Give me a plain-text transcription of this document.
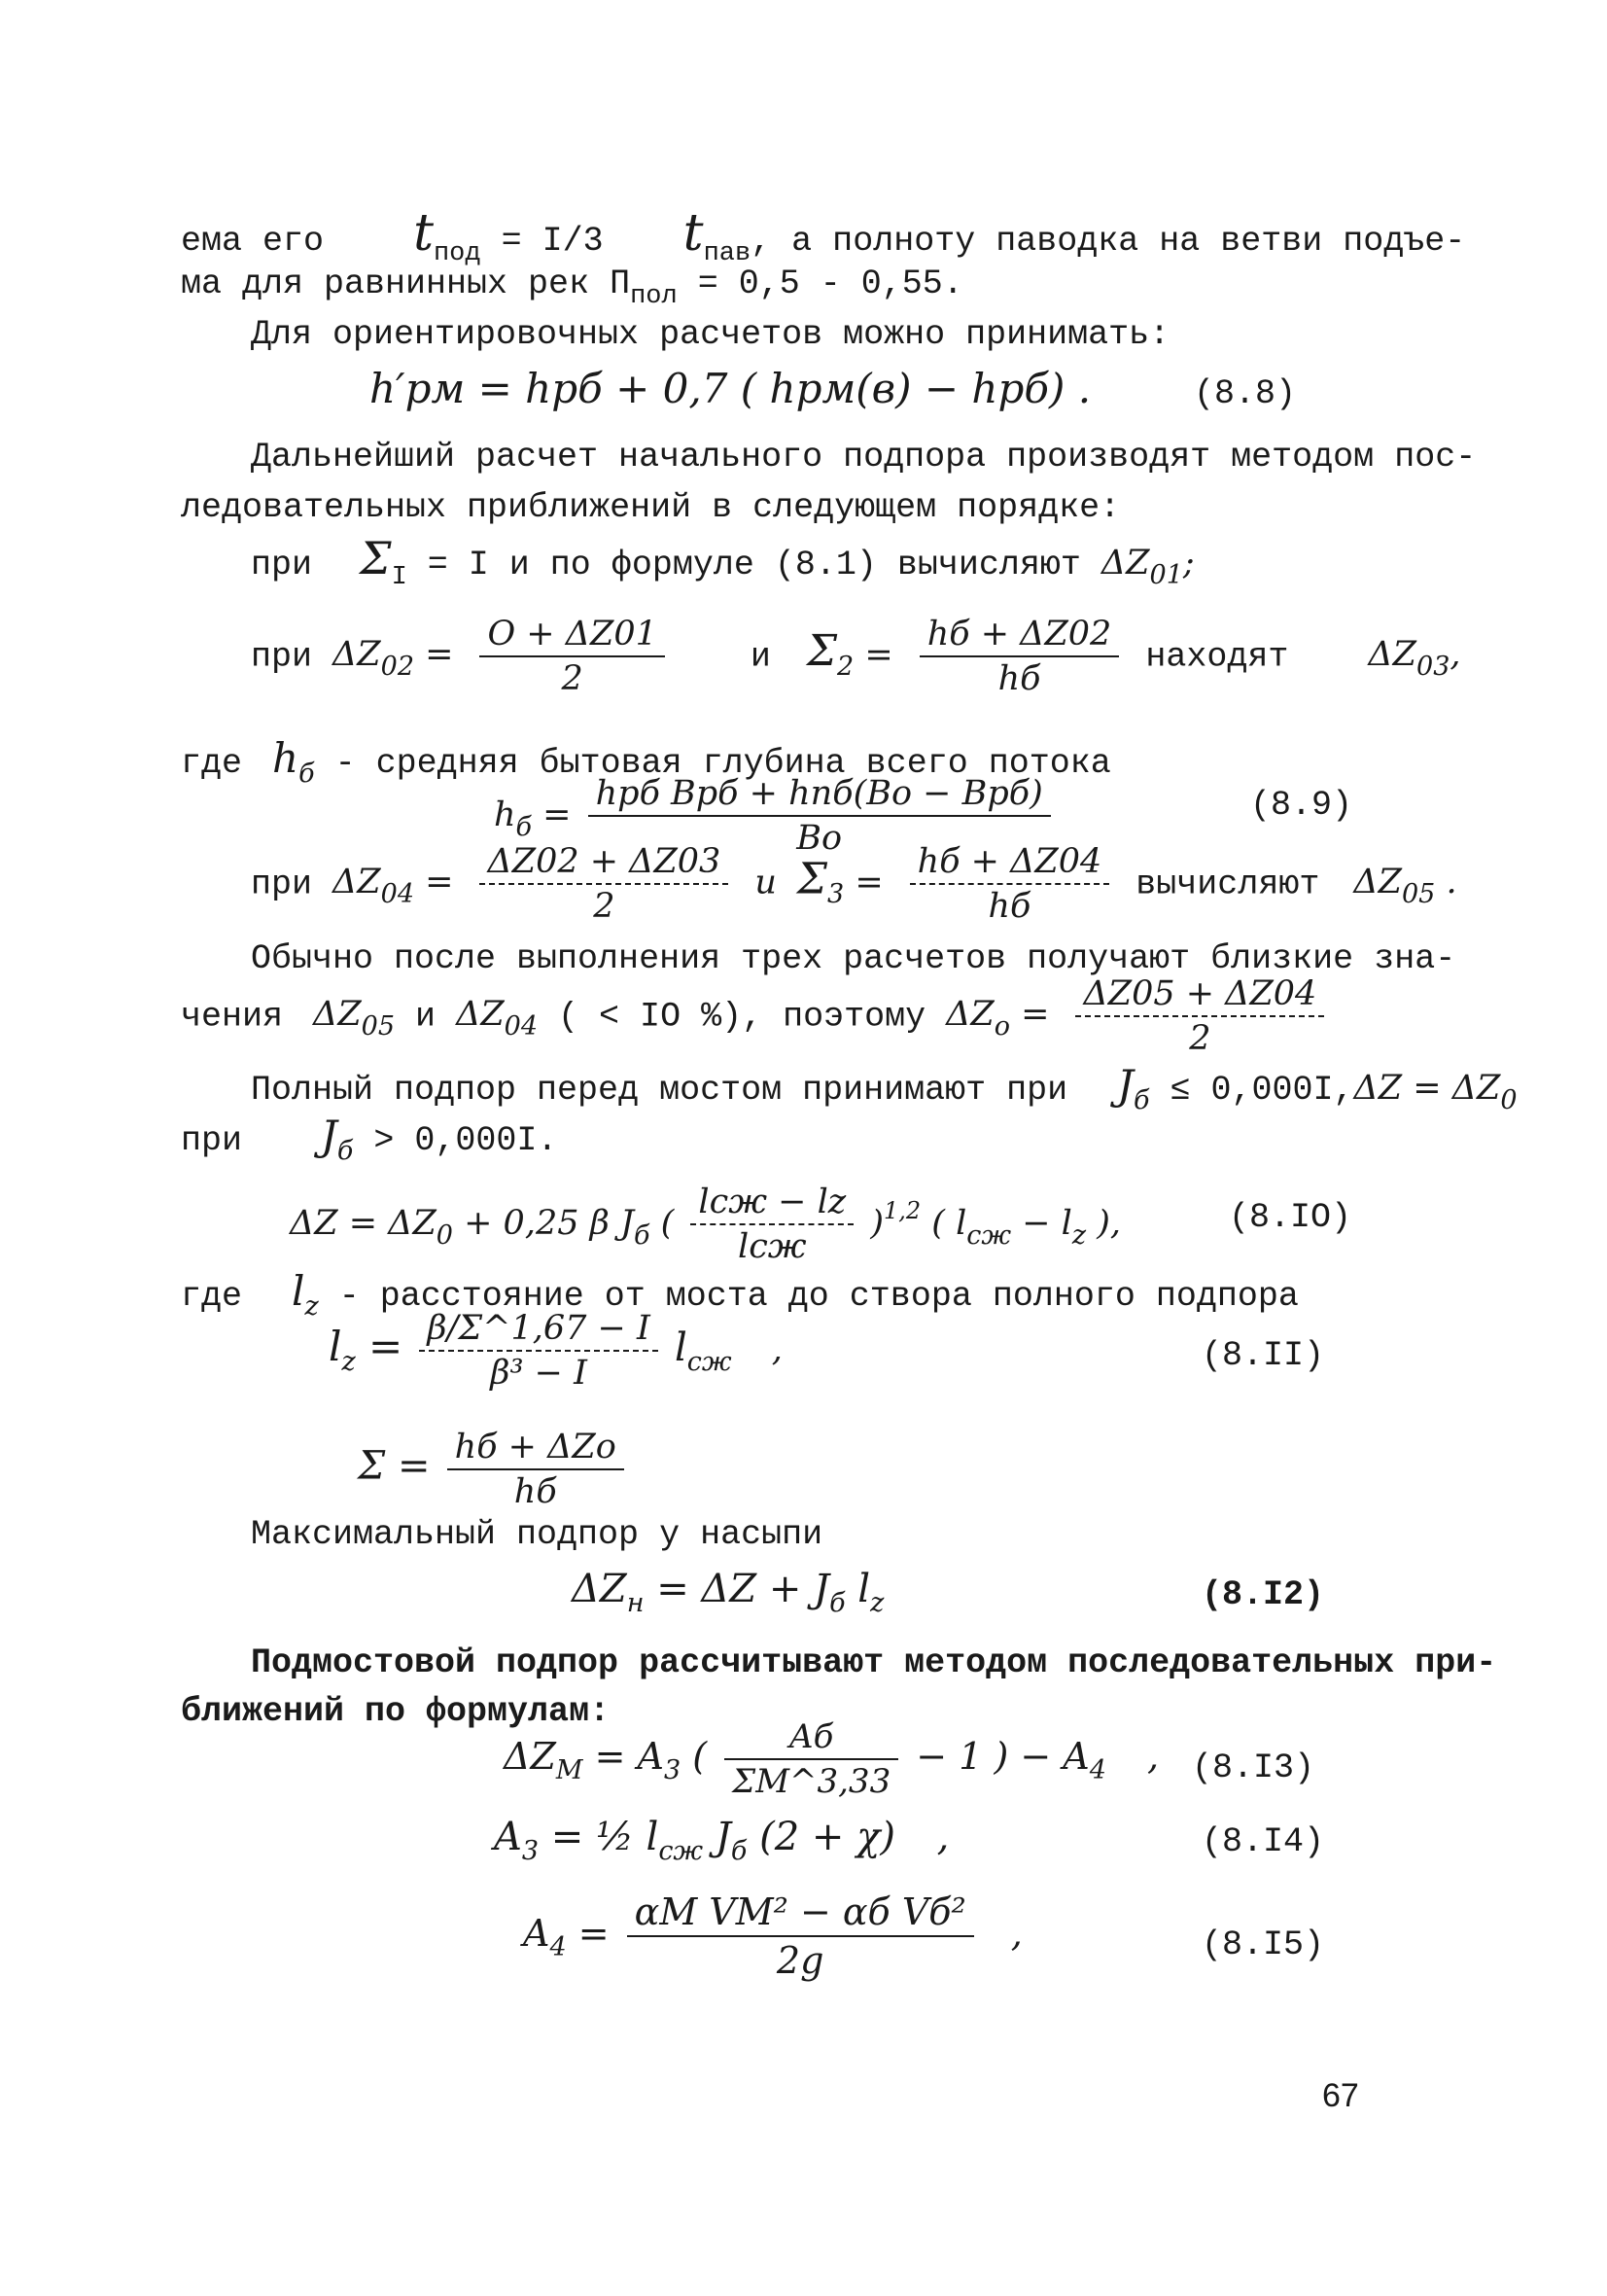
ема его $t_{под} = I/3$ $t_{пав}$, а полноту паводка на ветви подъе-
ма для равнинных рек $П_{пол} = 0,5 - 0,55$.
Для ориентировочных расчетов можно принимать:
h′рм = hрб + 0,7 ( hрм(в) − hрб) .	(8.8)
Дальнейший расчет начального подпора производят методом пос-
ледовательных приближений в следующем порядке:
при $\Sigma_I = I$ и по формуле (8.1) вычисляют $\Delta Z_{01}$;
при $\Delta Z_{02} = \frac{O + \Delta Z01}{2}$	и $\Sigma_2 = \frac{hб + \Delta Z02}{hб}$ находят $\Delta Z_{03}$,
где $h_б$ - средняя бытовая глубина всего потока
$h_б = \frac{\text{hрб Bрб + hпб(Bo − Bрб)}}{Bo}$	(8.9)
при $\Delta Z_{04} = \frac{\Delta Z02 + \Delta Z03}{2}$ и $\Sigma_3 = \frac{hб + \Delta Z04}{hб}$ вычисляют $\Delta Z_{05}$ .
Обычно после выполнения трех расчетов получают близкие зна-
чения $\Delta Z_{05}$ и $\Delta Z_{04}$ ( < IO %), поэтому $\Delta Z_o = \frac{\Delta Z05 + \Delta Z04}{2}$
Полный подпор перед мостом принимают при $J_б \le 0,000I,\Delta Z = \Delta Z_0$
при $J_б > 0,000I$.
$\Delta Z = \Delta Z_0 + 0,25$ β $J_б$ ( $\frac{\text{lсж − lz}}{\text{lсж}} )^{1,2}$ ( $l_{сж} - l_z$ ),	(8.IO)
где $l_z$ - расстояние от моста до створа полного подпора
$l_z = \frac{\beta/\Sigma\^{}1,67 - I}{\text{β³ − I}} l_{сж}$ ,	(8.II)
$\Sigma = \frac{\text{hб + ΔZo}}{hб}$
Максимальный подпор у насыпи
$\Delta Z_н = \Delta Z + J_б$ $l_z$	(8.I2)
Подмостовой подпор рассчитывают методом последовательных при-
ближений по формулам:
$\Delta Z_M = A_3$ ( $\frac{Aб}{\Sigma M\^{}3,33} - 1$ ) − $A_4$ , (8.I3)
$A_3$ = ½ $l_{сж}$ $J_б$ (2 + χ) ,	(8.I4)
$A_4 = \frac{\text{αM VM² − αб Vб²}}{2g}$ ,	(8.I5)
67
